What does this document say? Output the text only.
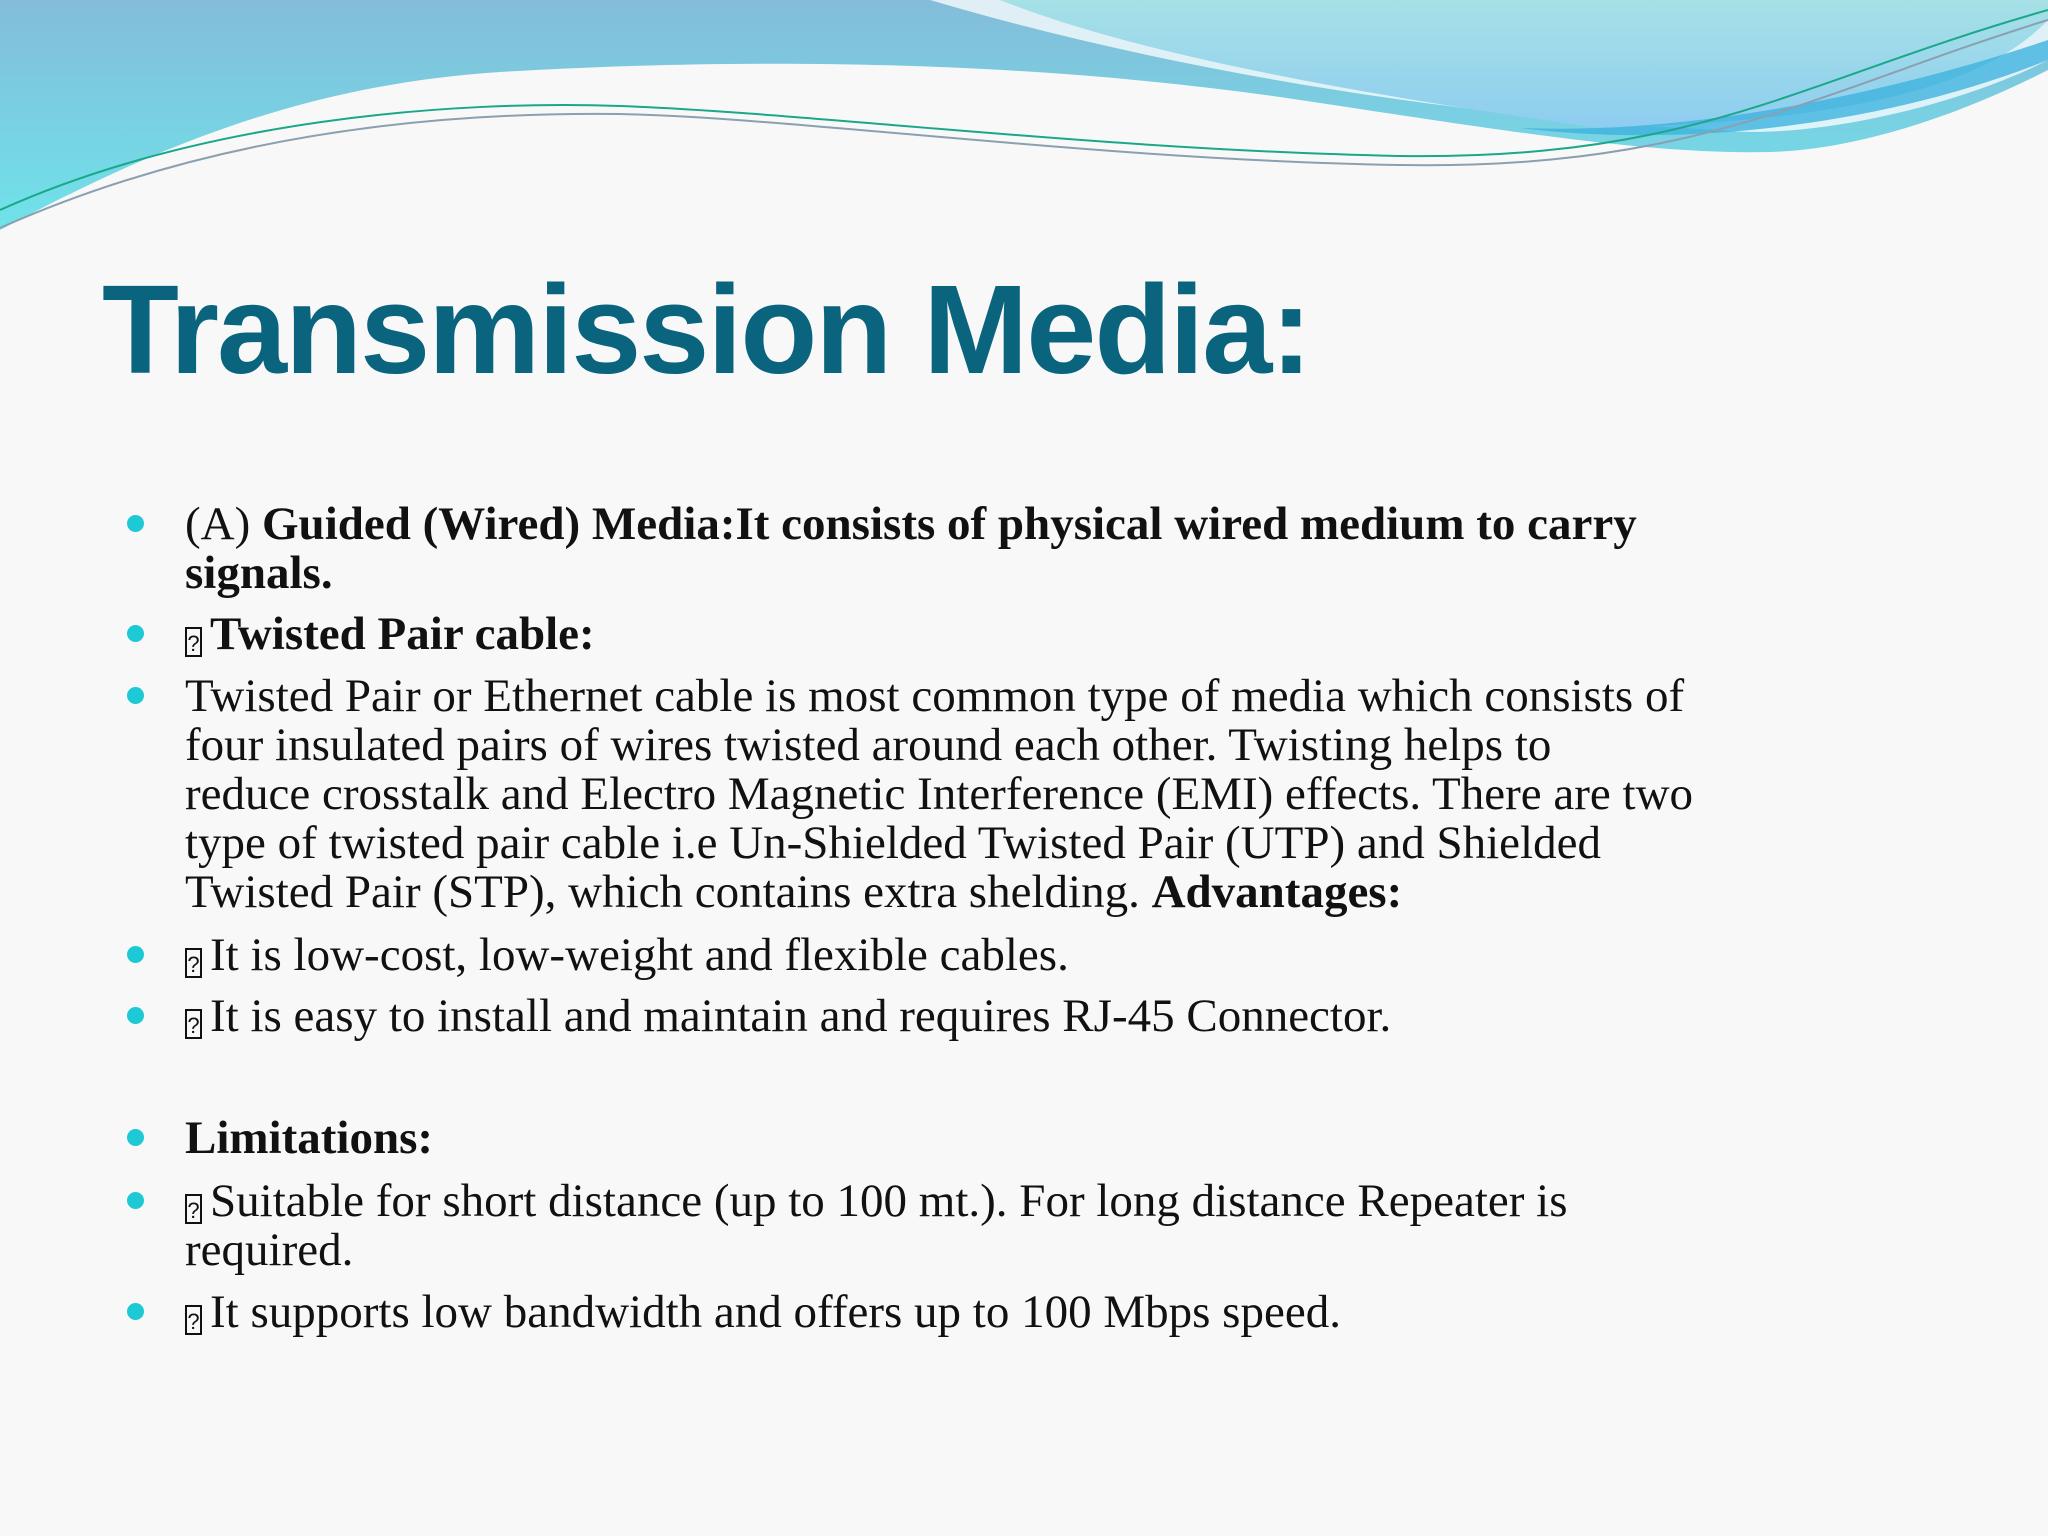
Transmission Media:
(A) Guided (Wired) Media:It consists of physical wired medium to carry
signals.
? Twisted Pair cable:
Twisted Pair or Ethernet cable is most common type of media which consists of
four insulated pairs of wires twisted around each other. Twisting helps to
reduce crosstalk and Electro Magnetic Interference (EMI) effects. There are two
type of twisted pair cable i.e Un-Shielded Twisted Pair (UTP) and Shielded
Twisted Pair (STP), which contains extra shelding. Advantages:
? It is low-cost, low-weight and flexible cables.
? It is easy to install and maintain and requires RJ-45 Connector.
Limitations:
? Suitable for short distance (up to 100 mt.). For long distance Repeater is
required.
? It supports low bandwidth and offers up to 100 Mbps speed.
